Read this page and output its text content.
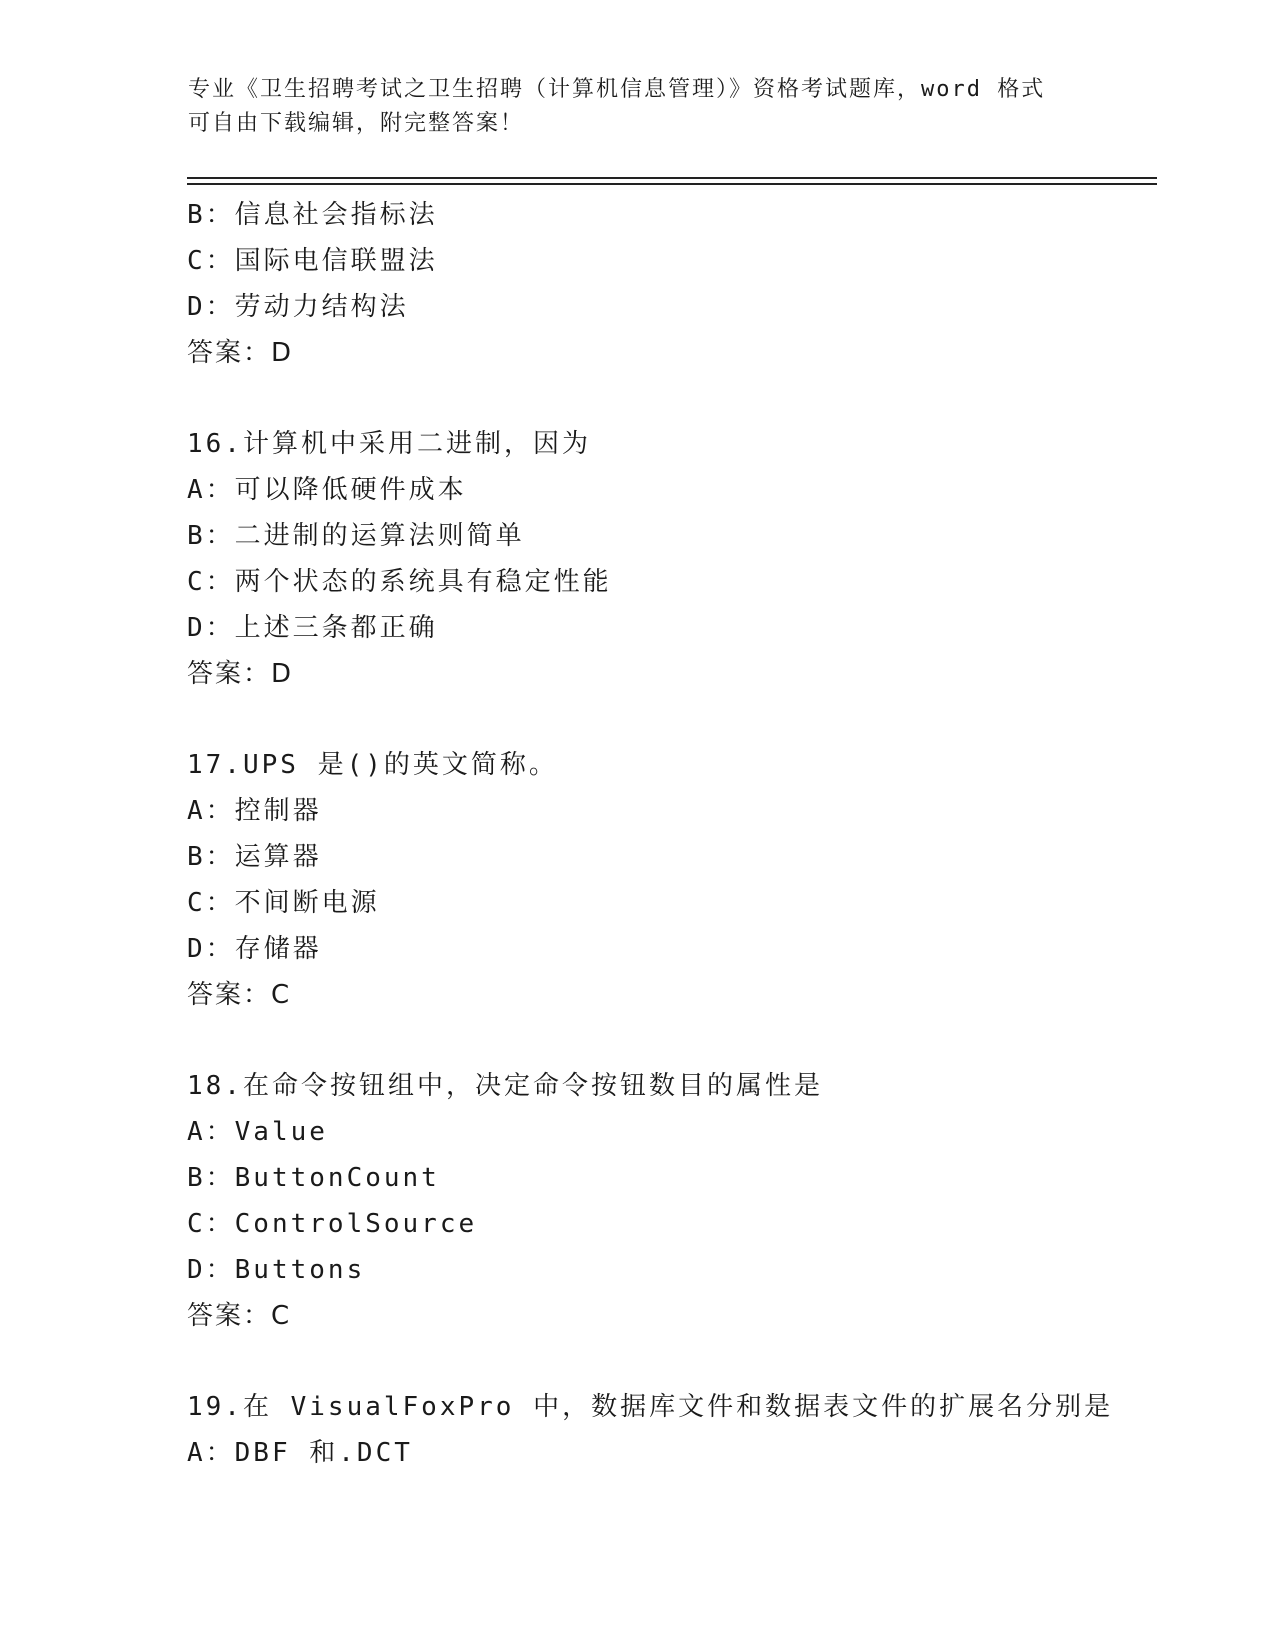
专业《卫生招聘考试之卫生招聘（计算机信息管理）》资格考试题库，word 格式
可自由下载编辑，附完整答案！

B：信息社会指标法

C：国际电信联盟法

D：劳动力结构法

答案：D

16.计算机中采用二进制，因为

A：可以降低硬件成本

B：二进制的运算法则简单

C：两个状态的系统具有稳定性能

D：上述三条都正确

答案：D

17.UPS 是()的英文简称。

A：控制器

B：运算器

C：不间断电源

D：存储器

答案：C

18.在命令按钮组中，决定命令按钮数目的属性是

A：Value

B：ButtonCount

C：ControlSource

D：Buttons

答案：C

19.在 VisualFoxPro 中，数据库文件和数据表文件的扩展名分别是

A：DBF 和.DCT
